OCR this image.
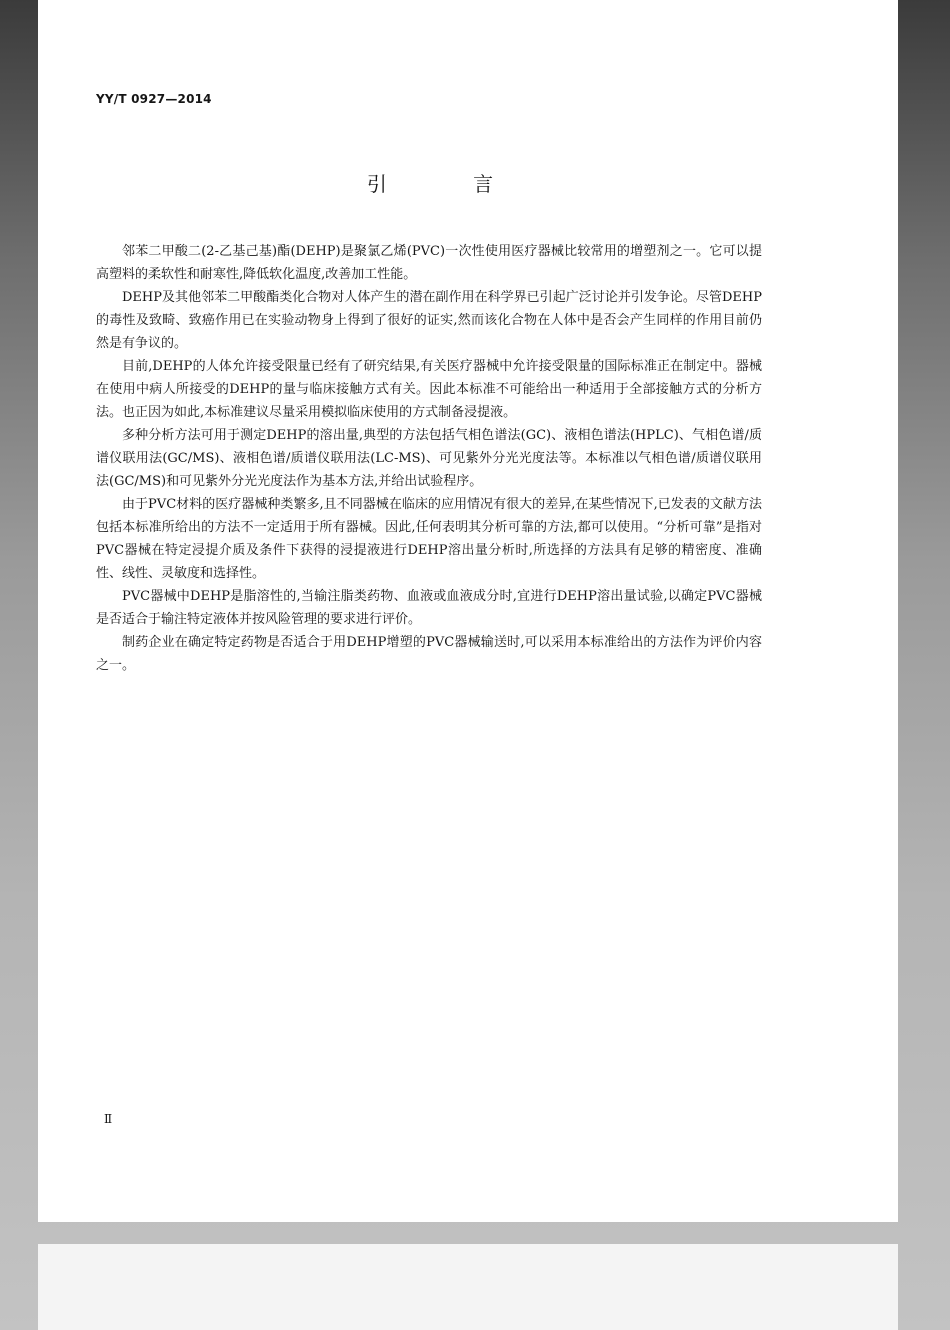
YY/T 0927—2014
引 言

邻苯二甲酸二(2-乙基己基)酯(DEHP)是聚氯乙烯(PVC)一次性使用医疗器械比较常用的增塑剂之一。它可以提高塑料的柔软性和耐寒性,降低软化温度,改善加工性能。

DEHP及其他邻苯二甲酸酯类化合物对人体产生的潜在副作用在科学界已引起广泛讨论并引发争论。尽管DEHP的毒性及致畸、致癌作用已在实验动物身上得到了很好的证实,然而该化合物在人体中是否会产生同样的作用目前仍然是有争议的。

目前,DEHP的人体允许接受限量已经有了研究结果,有关医疗器械中允许接受限量的国际标准正在制定中。器械在使用中病人所接受的DEHP的量与临床接触方式有关。因此本标准不可能给出一种适用于全部接触方式的分析方法。也正因为如此,本标准建议尽量采用模拟临床使用的方式制备浸提液。

多种分析方法可用于测定DEHP的溶出量,典型的方法包括气相色谱法(GC)、液相色谱法(HPLC)、气相色谱/质谱仪联用法(GC/MS)、液相色谱/质谱仪联用法(LC-MS)、可见紫外分光光度法等。本标准以气相色谱/质谱仪联用法(GC/MS)和可见紫外分光光度法作为基本方法,并给出试验程序。

由于PVC材料的医疗器械种类繁多,且不同器械在临床的应用情况有很大的差异,在某些情况下,已发表的文献方法包括本标准所给出的方法不一定适用于所有器械。因此,任何表明其分析可靠的方法,都可以使用。“分析可靠”是指对PVC器械在特定浸提介质及条件下获得的浸提液进行DEHP溶出量分析时,所选择的方法具有足够的精密度、准确性、线性、灵敏度和选择性。

PVC器械中DEHP是脂溶性的,当输注脂类药物、血液或血液成分时,宜进行DEHP溶出量试验,以确定PVC器械是否适合于输注特定液体并按风险管理的要求进行评价。

制药企业在确定特定药物是否适合于用DEHP增塑的PVC器械输送时,可以采用本标准给出的方法作为评价内容之一。

Ⅱ
